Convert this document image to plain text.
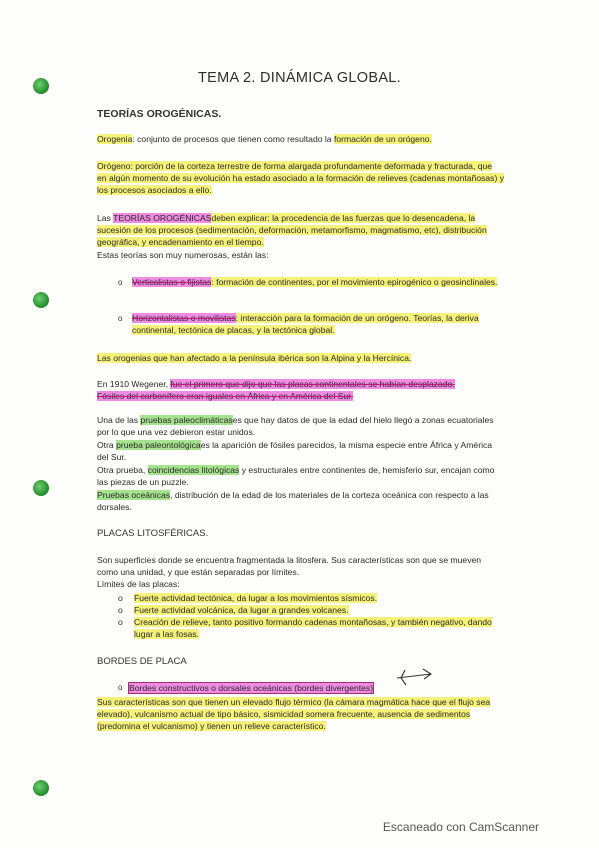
TEMA 2. DINÁMICA GLOBAL.
TEORÍAS OROGÉNICAS.
Orogenia: conjunto de procesos que tienen como resultado la formación de un orógeno.
Orógeno: porción de la corteza terrestre de forma alargada profundamente deformada y fracturada, que en algún momento de su evolución ha estado asociado a la formación de relieves (cadenas montañosas) y los procesos asociados a ello.
Las TEORÍAS OROGÉNICASdeben explicar: la procedencia de las fuerzas que lo desencadena, la sucesión de los procesos (sedimentación, deformación, metamorfismo, magmatismo, etc), distribución geográfica, y encadenamiento en el tiempo.
Estas teorías son muy numerosas, están las:
o Verticalistas o fijistas: formación de continentes, por el movimiento epirogénico o geosinclinales.
o Horizontalistas o movilistas: interacción para la formación de un orógeno. Teorías, la deriva continental, tectónica de placas, y la tectónica global.
Las orogenias que han afectado a la península ibérica son la Alpina y la Hercínica.
En 1910 Wegener, fue el primero que dijo que las placas continentales se habían desplazado.
Fósiles del carbonífero eran iguales en África y en América del Sur.
Una de las pruebas paleoclimáticases que hay datos de que la edad del hielo llegó a zonas ecuatoriales por lo que una vez debieron estar unidos.
Otra prueba paleontológicaes la aparición de fósiles parecidos, la misma especie entre África y América del Sur.
Otra prueba, coincidencias litológicas y estructurales entre continentes de, hemisferio sur, encajan como las piezas de un puzzle.
Pruebas oceánicas, distribución de la edad de los materiales de la corteza oceánica con respecto a las dorsales.
PLACAS LITOSFÉRICAS.
Son superficies donde se encuentra fragmentada la litosfera. Sus características son que se mueven como una unidad, y que están separadas por límites.
Límites de las placas:
o Fuerte actividad tectónica, da lugar a los movimientos sísmicos.
o Fuerte actividad volcánica, da lugar a grandes volcanes.
o Creación de relieve, tanto positivo formando cadenas montañosas, y también negativo, dando lugar a las fosas.
BORDES DE PLACA
o Bordes constructivos o dorsales oceánicas (bordes divergentes)
Sus características son que tienen un elevado flujo térmico (la cámara magmática hace que el flujo sea elevado), vulcanismo actual de tipo básico, sismicidad somera frecuente, ausencia de sedimentos (predomina el vulcanismo) y tienen un relieve característico.
Escaneado con CamScanner
